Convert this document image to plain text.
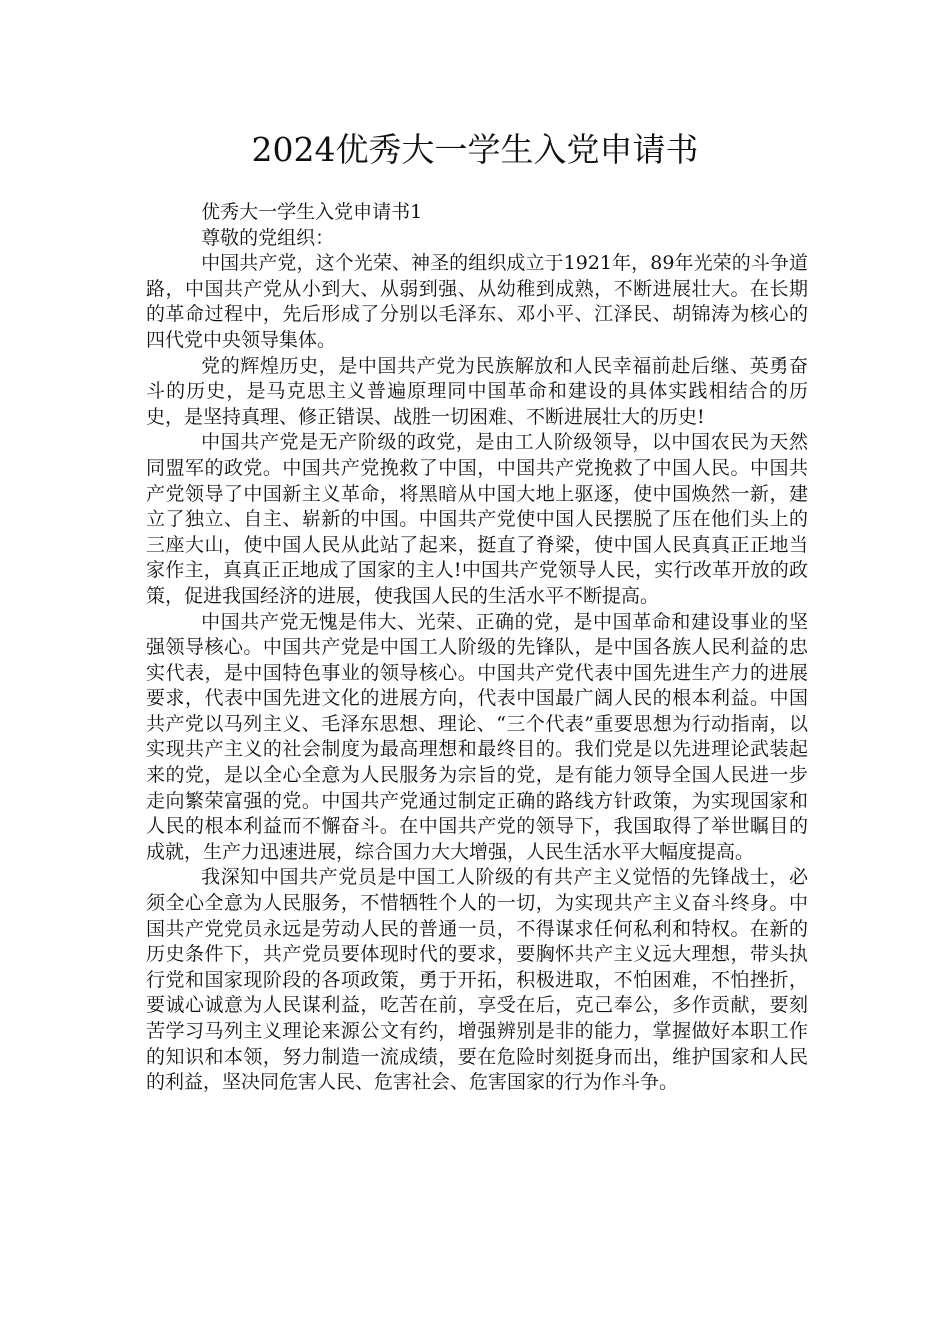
2024优秀大一学生入党申请书

优秀大一学生入党申请书1

尊敬的党组织：

中国共产党，这个光荣、神圣的组织成立于1921年，89年光荣的斗争道路，中国共产党从小到大、从弱到强、从幼稚到成熟，不断进展壮大。在长期的革命过程中，先后形成了分别以毛泽东、邓小平、江泽民、胡锦涛为核心的四代党中央领导集体。

党的辉煌历史，是中国共产党为民族解放和人民幸福前赴后继、英勇奋斗的历史，是马克思主义普遍原理同中国革命和建设的具体实践相结合的历史，是坚持真理、修正错误、战胜一切困难、不断进展壮大的历史!

中国共产党是无产阶级的政党，是由工人阶级领导，以中国农民为天然同盟军的政党。中国共产党挽救了中国，中国共产党挽救了中国人民。中国共产党领导了中国新主义革命，将黑暗从中国大地上驱逐，使中国焕然一新，建立了独立、自主、崭新的中国。中国共产党使中国人民摆脱了压在他们头上的三座大山，使中国人民从此站了起来，挺直了脊梁，使中国人民真真正正地当家作主，真真正正地成了国家的主人!中国共产党领导人民，实行改革开放的政策，促进我国经济的进展，使我国人民的生活水平不断提高。

中国共产党无愧是伟大、光荣、正确的党，是中国革命和建设事业的坚强领导核心。中国共产党是中国工人阶级的先锋队，是中国各族人民利益的忠实代表，是中国特色事业的领导核心。中国共产党代表中国先进生产力的进展要求，代表中国先进文化的进展方向，代表中国最广阔人民的根本利益。中国共产党以马列主义、毛泽东思想、理论、“三个代表”重要思想为行动指南，以实现共产主义的社会制度为最高理想和最终目的。我们党是以先进理论武装起来的党，是以全心全意为人民服务为宗旨的党，是有能力领导全国人民进一步走向繁荣富强的党。中国共产党通过制定正确的路线方针政策，为实现国家和人民的根本利益而不懈奋斗。在中国共产党的领导下，我国取得了举世瞩目的成就，生产力迅速进展，综合国力大大增强，人民生活水平大幅度提高。

我深知中国共产党员是中国工人阶级的有共产主义觉悟的先锋战士，必须全心全意为人民服务，不惜牺牲个人的一切，为实现共产主义奋斗终身。中国共产党党员永远是劳动人民的普通一员，不得谋求任何私利和特权。在新的历史条件下，共产党员要体现时代的要求，要胸怀共产主义远大理想，带头执行党和国家现阶段的各项政策，勇于开拓，积极进取，不怕困难，不怕挫折，要诚心诚意为人民谋利益，吃苦在前，享受在后，克己奉公，多作贡献，要刻苦学习马列主义理论来源公文有约，增强辨别是非的能力，掌握做好本职工作的知识和本领，努力制造一流成绩，要在危险时刻挺身而出，维护国家和人民的利益，坚决同危害人民、危害社会、危害国家的行为作斗争。
